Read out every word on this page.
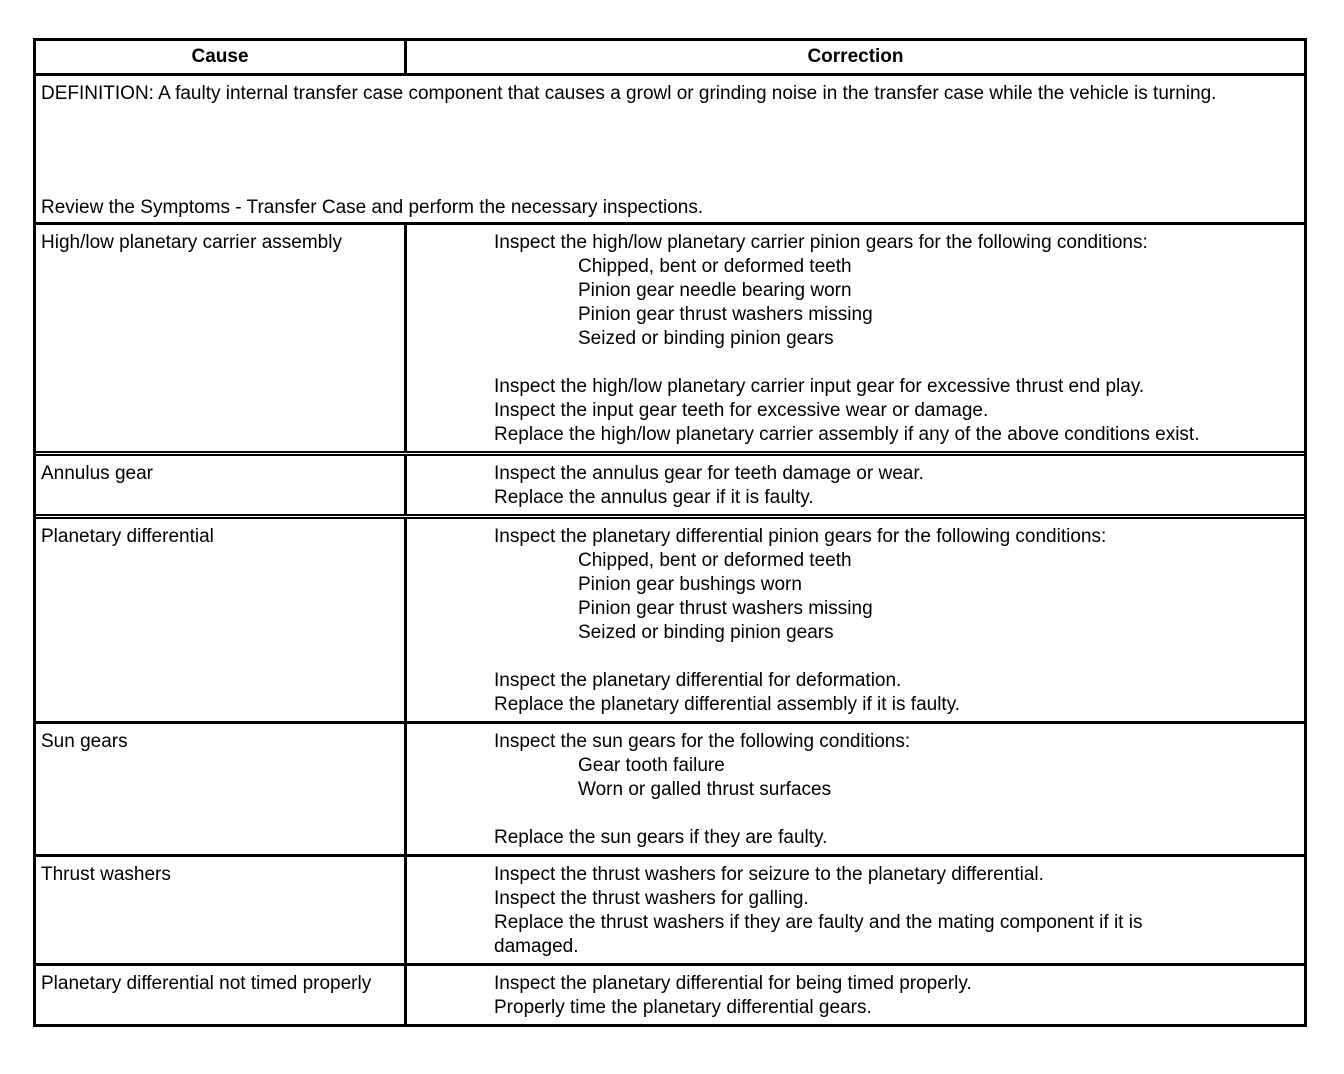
Cause	Correction
DEFINITION: A faulty internal transfer case component that causes a growl or grinding noise in the transfer case while the vehicle is turning.
Review the Symptoms - Transfer Case and perform the necessary inspections.
High/low planetary carrier assembly	Inspect the high/low planetary carrier pinion gears for the following conditions:
Chipped, bent or deformed teeth
Pinion gear needle bearing worn
Pinion gear thrust washers missing
Seized or binding pinion gears
Inspect the high/low planetary carrier input gear for excessive thrust end play.
Inspect the input gear teeth for excessive wear or damage.
Replace the high/low planetary carrier assembly if any of the above conditions exist.
Annulus gear	Inspect the annulus gear for teeth damage or wear.
Replace the annulus gear if it is faulty.
Planetary differential	Inspect the planetary differential pinion gears for the following conditions:
Chipped, bent or deformed teeth
Pinion gear bushings worn
Pinion gear thrust washers missing
Seized or binding pinion gears
Inspect the planetary differential for deformation.
Replace the planetary differential assembly if it is faulty.
Sun gears	Inspect the sun gears for the following conditions:
Gear tooth failure
Worn or galled thrust surfaces
Replace the sun gears if they are faulty.
Thrust washers	Inspect the thrust washers for seizure to the planetary differential.
Inspect the thrust washers for galling.
Replace the thrust washers if they are faulty and the mating component if it is
damaged.
Planetary differential not timed properly	Inspect the planetary differential for being timed properly.
Properly time the planetary differential gears.
